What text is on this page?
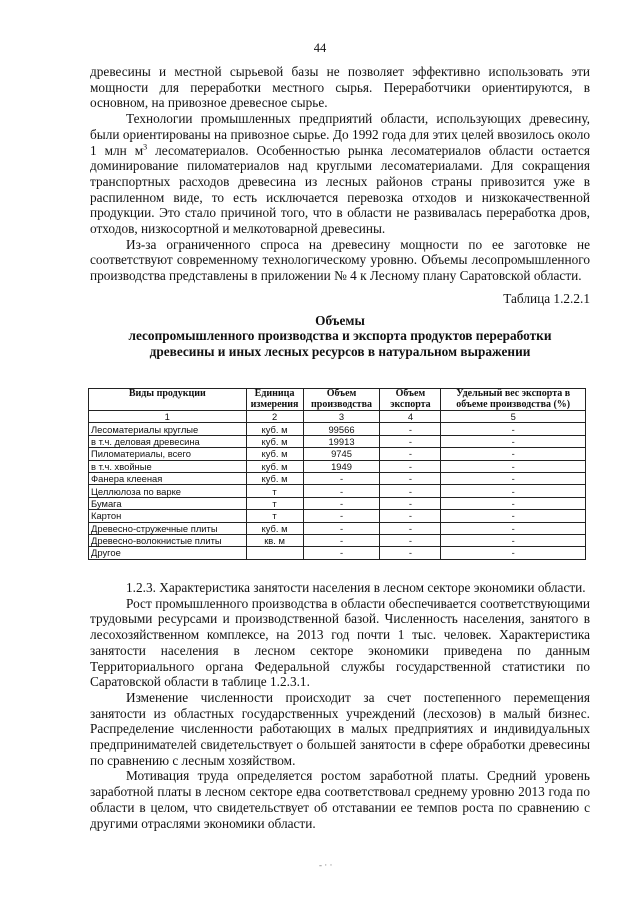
44

древесины и местной сырьевой базы не позволяет эффективно использовать эти мощности для переработки местного сырья. Переработчики ориентируются, в основном, на привозное древесное сырье.

Технологии промышленных предприятий области, использующих древесину, были ориентированы на привозное сырье. До 1992 года для этих целей ввозилось около 1 млн $м^3$ лесоматериалов. Особенностью рынка лесоматериалов области остается доминирование пиломатериалов над круглыми лесоматериалами. Для сокращения транспортных расходов древесина из лесных районов страны привозится уже в распиленном виде, то есть исключается перевозка отходов и низкокачественной продукции. Это стало причиной того, что в области не развивалась переработка дров, отходов, низкосортной и мелкотоварной древесины.

Из-за ограниченного спроса на древесину мощности по ее заготовке не соответствуют современному технологическому уровню. Объемы лесопромышленного производства представлены в приложении № 4 к Лесному плану Саратовской области.

Таблица 1.2.2.1

Объемы

лесопромышленного производства и экспорта продуктов переработки

древесины и иных лесных ресурсов в натуральном выражении

Виды продукции	Единица измерения	Объем производства	Объем экспорта	Удельный вес экспорта в объеме производства (%)
1	2	3	4	5
Лесоматериалы круглые	куб. м	99566	-	-
в т.ч. деловая древесина	куб. м	19913	-	-
Пиломатериалы, всего	куб. м	9745	-	-
в т.ч. хвойные	куб. м	1949	-	-
Фанера клееная	куб. м	-	-	-
Целлюлоза по варке	т	-	-	-
Бумага	т	-	-	-
Картон	т	-	-	-
Древесно-стружечные плиты	куб. м	-	-	-
Древесно-волокнистые плиты	кв. м	-	-	-
Другое		-	-	-

1.2.3. Характеристика занятости населения в лесном секторе экономики области.

Рост промышленного производства в области обеспечивается соответствующими трудовыми ресурсами и производственной базой. Численность населения, занятого в лесохозяйственном комплексе, на 2013 год почти 1 тыс. человек. Характеристика занятости населения в лесном секторе экономики приведена по данным Территориального органа Федеральной службы государственной статистики по Саратовской области в таблице 1.2.3.1.

Изменение численности происходит за счет постепенного перемещения занятости из областных государственных учреждений (лесхозов) в малый бизнес. Распределение численности работающих в малых предприятиях и индивидуальных предпринимателей свидетельствует о большей занятости в сфере обработки древесины по сравнению с лесным хозяйством.

Мотивация труда определяется ростом заработной платы. Средний уровень заработной платы в лесном секторе едва соответствовал среднему уровню 2013 года по области в целом, что свидетельствует об отставании ее темпов роста по сравнению с другими отраслями экономики области.

- · ·
